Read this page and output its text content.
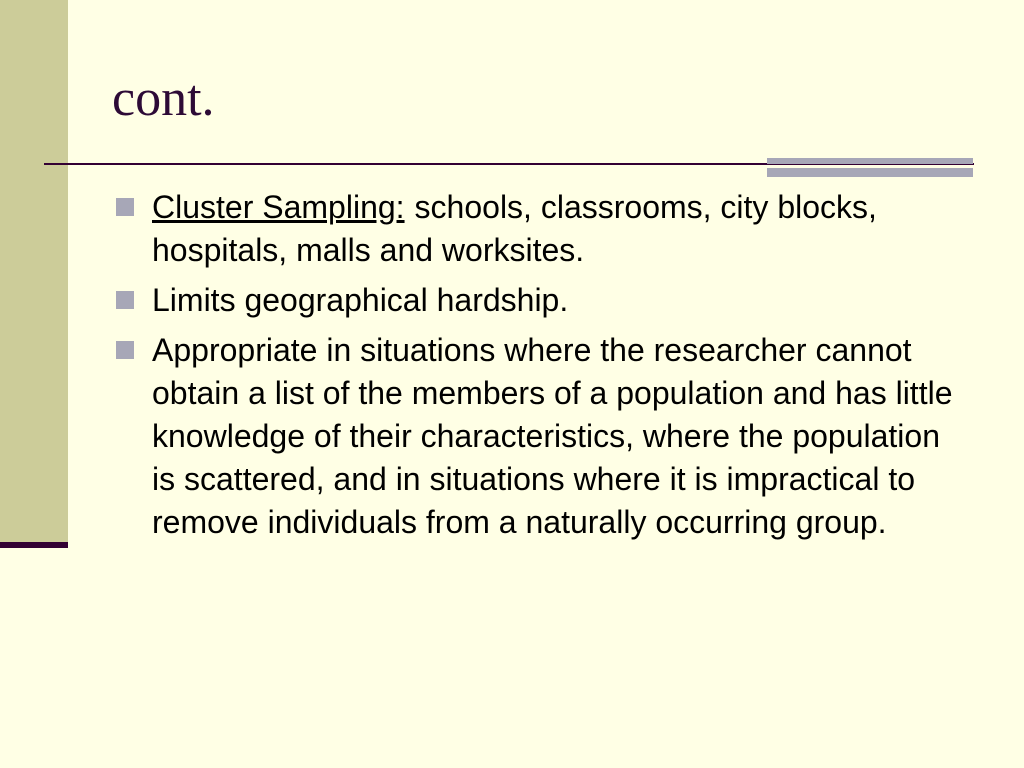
cont.
Cluster Sampling: schools, classrooms, city blocks, hospitals, malls and worksites.
Limits geographical hardship.
Appropriate in situations where the researcher cannot obtain a list of the members of a population and has little knowledge of their characteristics, where the population is scattered, and in situations where it is impractical to remove individuals from a naturally occurring group.
